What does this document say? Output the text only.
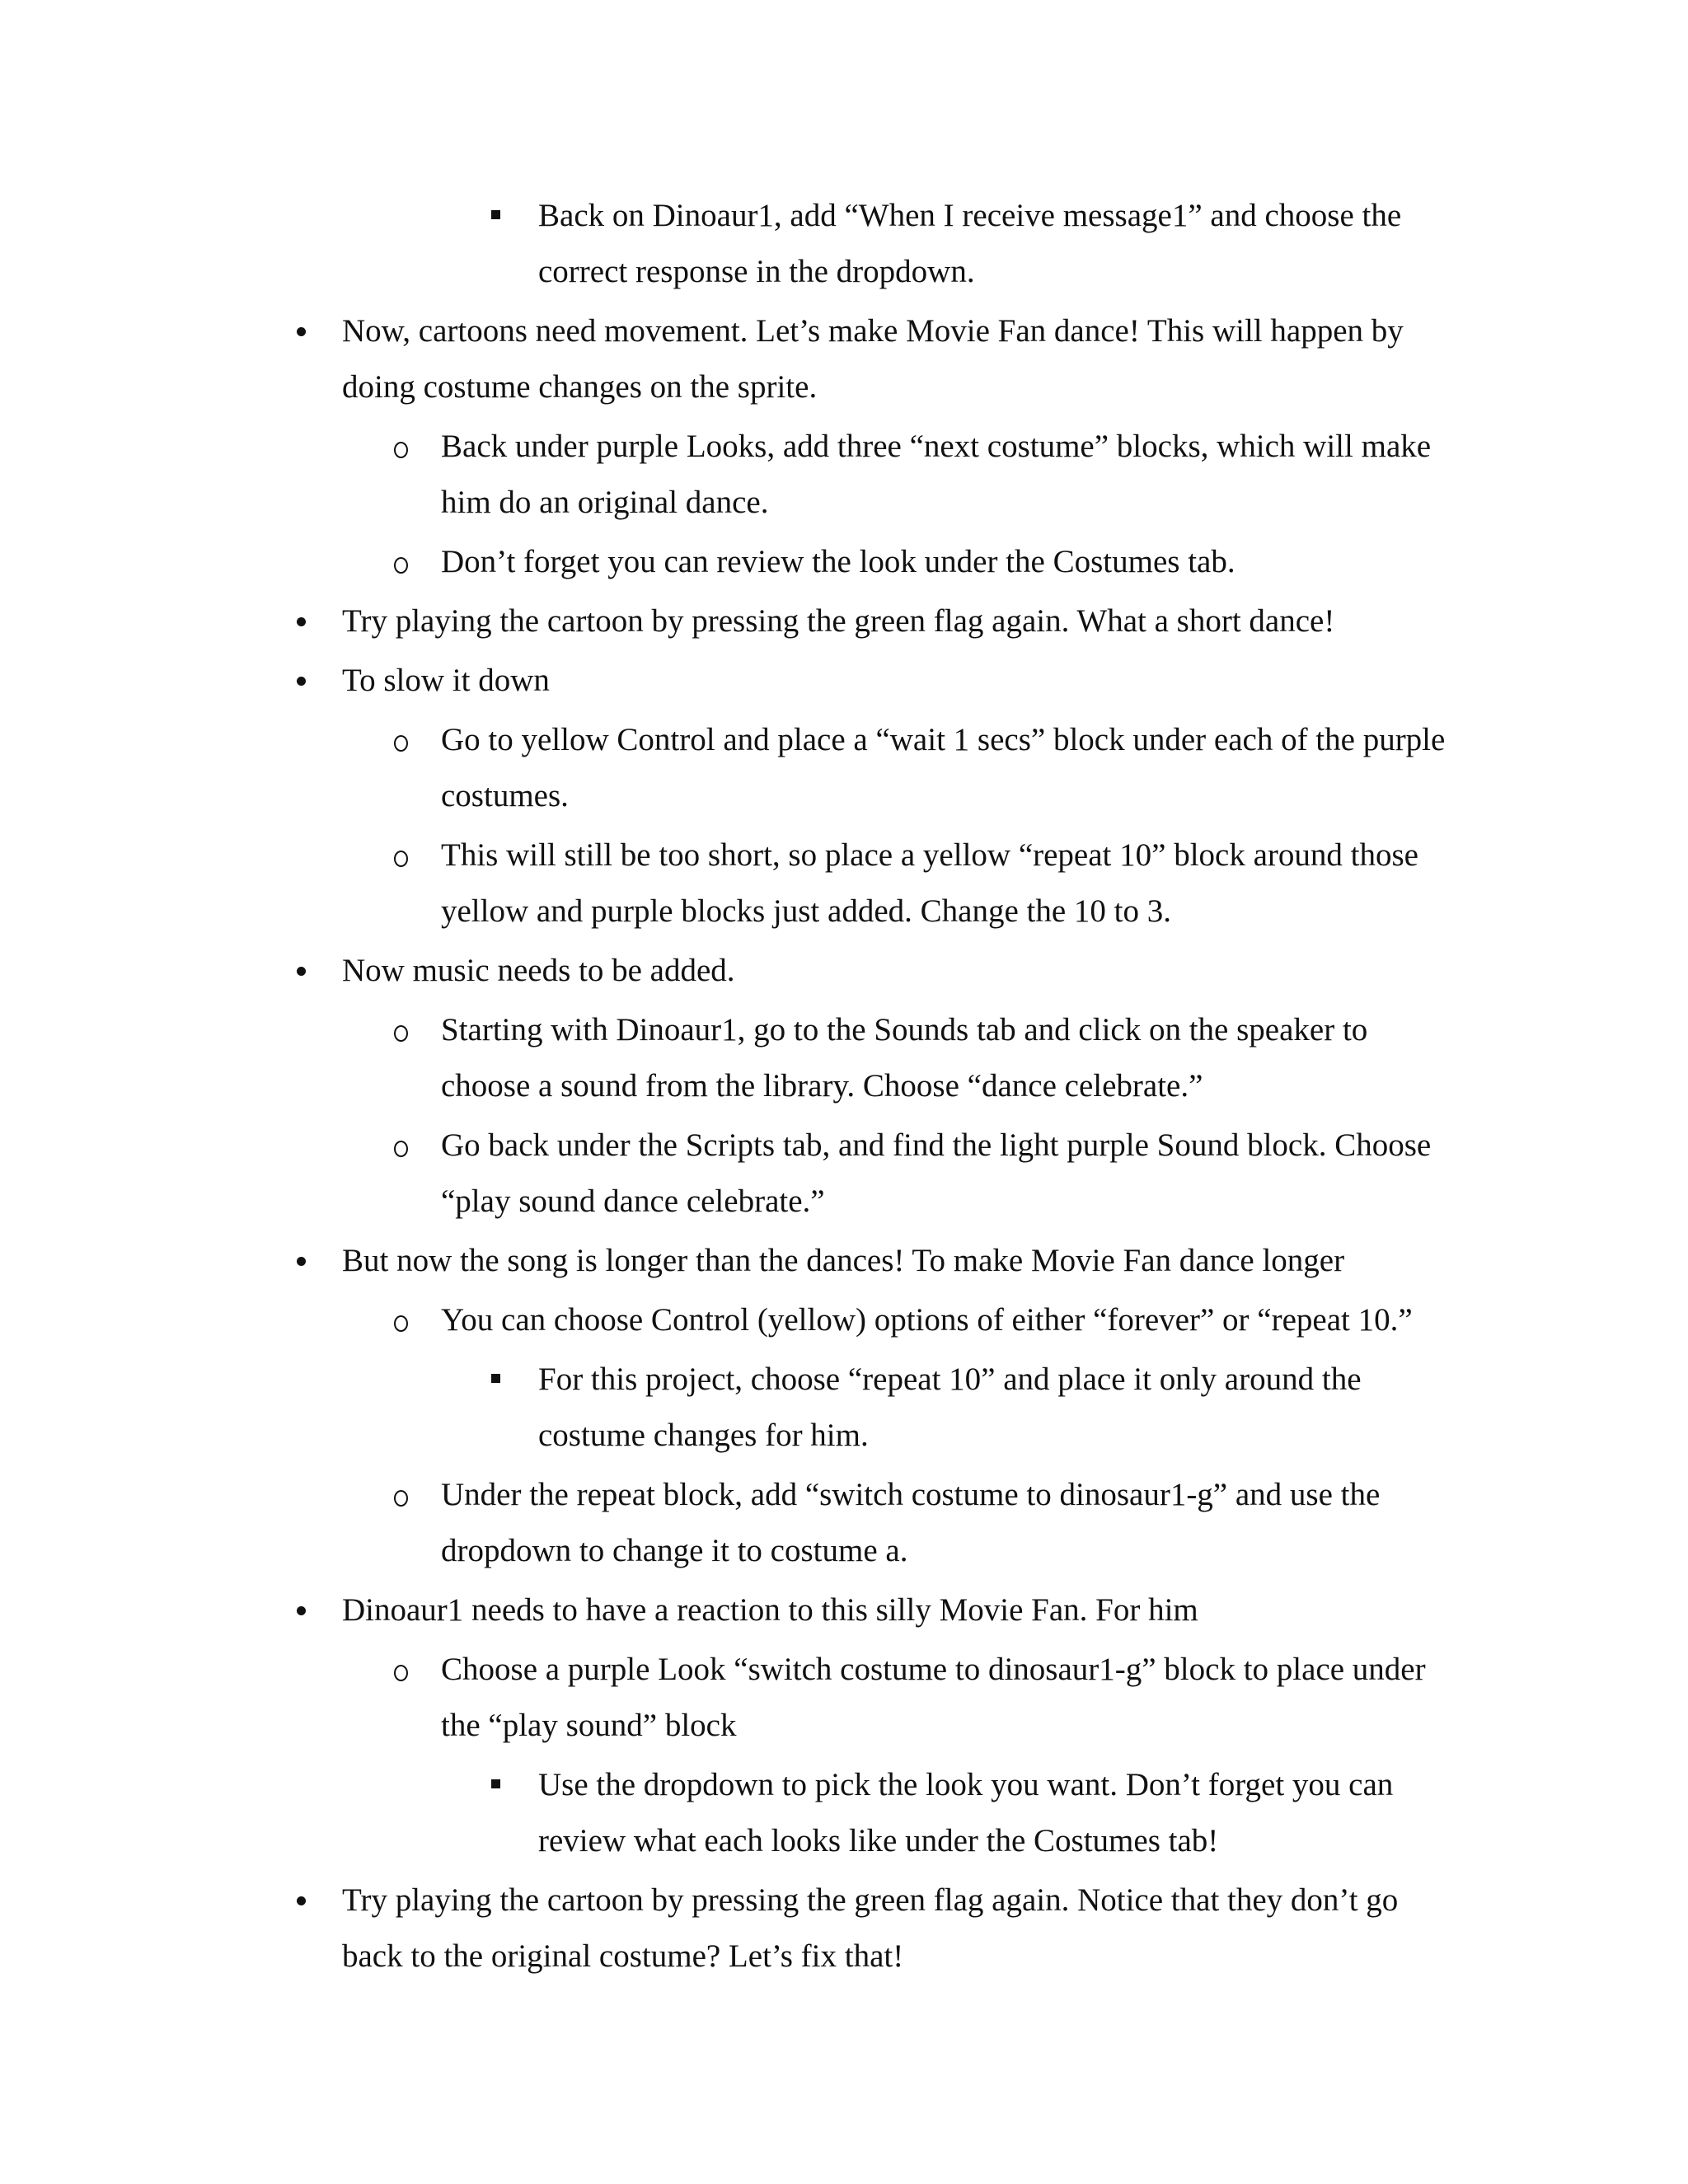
Back on Dinoaur1, add “When I receive message1” and choose the
correct response in the dropdown.
Now, cartoons need movement. Let’s make Movie Fan dance! This will happen by
doing costume changes on the sprite.
Back under purple Looks, add three “next costume” blocks, which will make
him do an original dance.
Don’t forget you can review the look under the Costumes tab.
Try playing the cartoon by pressing the green flag again. What a short dance!
To slow it down
Go to yellow Control and place a “wait 1 secs” block under each of the purple
costumes.
This will still be too short, so place a yellow “repeat 10” block around those
yellow and purple blocks just added. Change the 10 to 3.
Now music needs to be added.
Starting with Dinoaur1, go to the Sounds tab and click on the speaker to
choose a sound from the library. Choose “dance celebrate.”
Go back under the Scripts tab, and find the light purple Sound block. Choose
“play sound dance celebrate.”
But now the song is longer than the dances! To make Movie Fan dance longer
You can choose Control (yellow) options of either “forever” or “repeat 10.”
For this project, choose “repeat 10” and place it only around the
costume changes for him.
Under the repeat block, add “switch costume to dinosaur1-g” and use the
dropdown to change it to costume a.
Dinoaur1 needs to have a reaction to this silly Movie Fan. For him
Choose a purple Look “switch costume to dinosaur1-g” block to place under
the “play sound” block
Use the dropdown to pick the look you want. Don’t forget you can
review what each looks like under the Costumes tab!
Try playing the cartoon by pressing the green flag again. Notice that they don’t go
back to the original costume? Let’s fix that!
